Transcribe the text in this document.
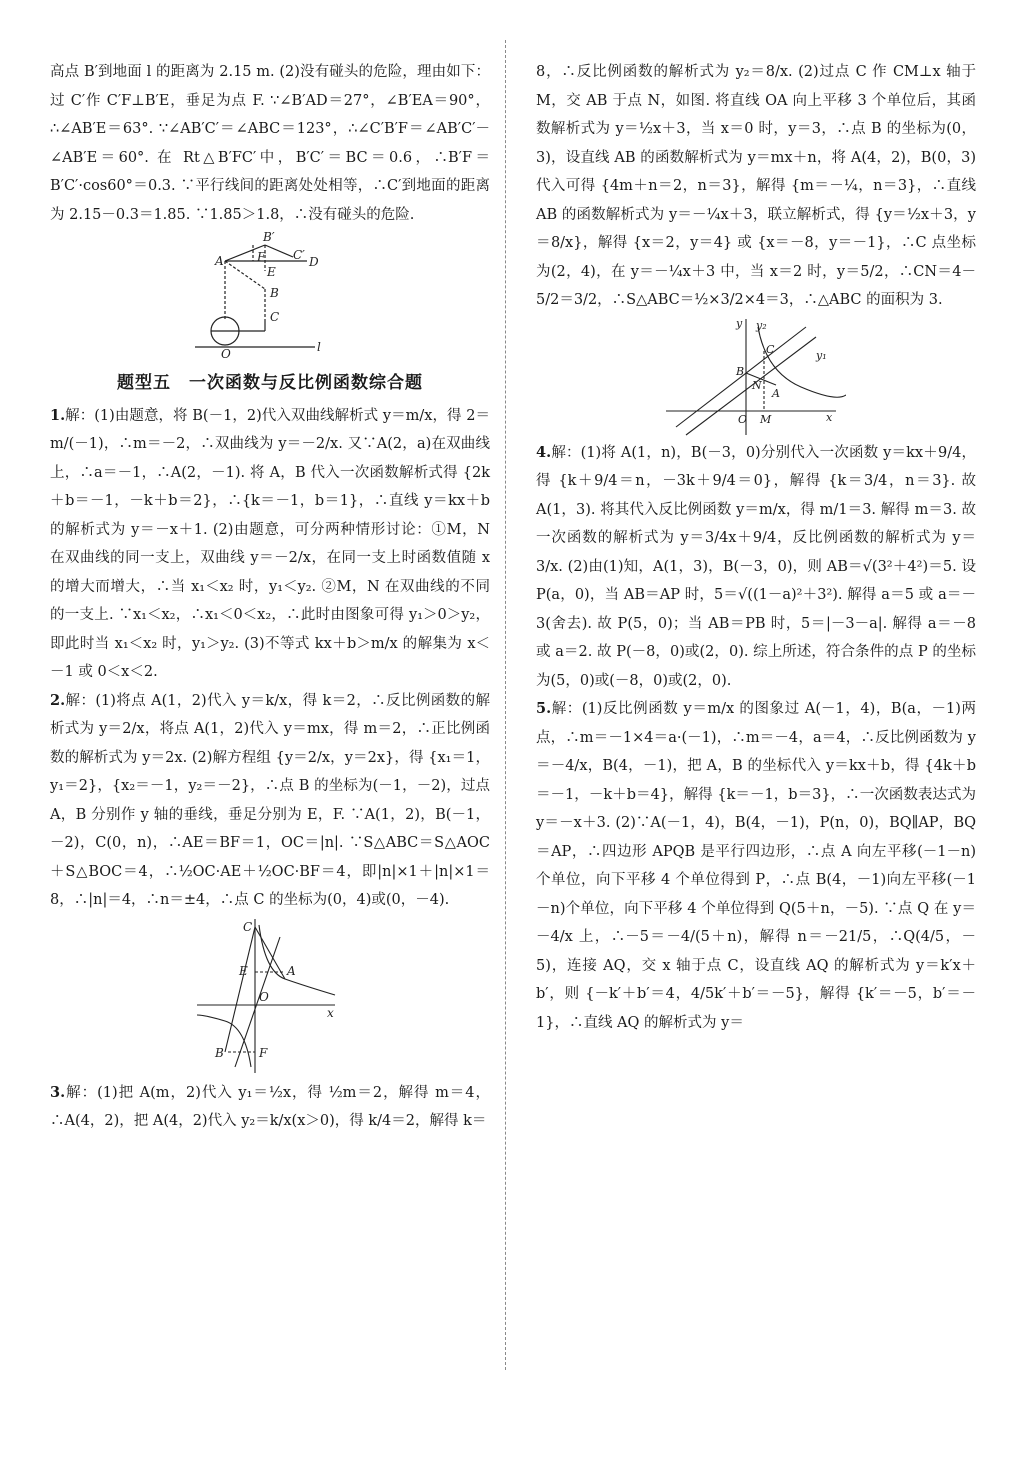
高点 B′到地面 l 的距离为 2.15 m. (2)没有碰头的危险，理由如下：过 C′作 C′F⊥B′E，垂足为点 F. ∵∠B′AD＝27°，∠B′EA＝90°，∴∠AB′E＝63°. ∵∠AB′C′＝∠ABC＝123°，∴∠C′B′F＝∠AB′C′－∠AB′E＝60°. 在 Rt△B′FC′中，B′C′＝BC＝0.6，∴B′F＝B′C′·cos60°＝0.3. ∵平行线间的距离处处相等，∴C′到地面的距离为 2.15－0.3＝1.85. ∵1.85＞1.8，∴没有碰头的危险.

A
B′
F C′ D
E
B
C
O	l
题型五　一次函数与反比例函数综合题

1.解：(1)由题意，将 B(－1，2)代入双曲线解析式 y＝m/x，得 2＝m/(－1)，∴m＝－2，∴双曲线为 y＝－2/x. 又∵A(2，a)在双曲线上，∴a＝－1，∴A(2，－1). 将 A，B 代入一次函数解析式得 {2k＋b＝－1，－k＋b＝2}，∴{k＝－1，b＝1}，∴直线 y＝kx＋b 的解析式为 y＝－x＋1. (2)由题意，可分两种情形讨论：①M，N 在双曲线的同一支上，双曲线 y＝－2/x，在同一支上时函数值随 x 的增大而增大，∴当 x₁＜x₂ 时，y₁＜y₂. ②M，N 在双曲线的不同的一支上. ∵x₁＜x₂，∴x₁＜0＜x₂，∴此时由图象可得 y₁＞0＞y₂，即此时当 x₁＜x₂ 时，y₁＞y₂. (3)不等式 kx＋b＞m/x 的解集为 x＜－1 或 0＜x＜2.

2.解：(1)将点 A(1，2)代入 y＝k/x，得 k＝2，∴反比例函数的解析式为 y＝2/x，将点 A(1，2)代入 y＝mx，得 m＝2，∴正比例函数的解析式为 y＝2x. (2)解方程组 {y＝2/x，y＝2x}，得 {x₁＝1，y₁＝2}，{x₂＝－1，y₂＝－2}，∴点 B 的坐标为(－1，－2)，过点 A，B 分别作 y 轴的垂线，垂足分别为 E，F. ∵A(1，2)，B(－1，－2)，C(0，n)，∴AE＝BF＝1，OC＝|n|. ∵S△ABC＝S△AOC＋S△BOC＝4，∴½OC·AE＋½OC·BF＝4，即|n|×1＋|n|×1＝8，∴|n|＝4，∴n＝±4，∴点 C 的坐标为(0，4)或(0，－4).

C
E	A
O
x
B	F

3.解：(1)把 A(m，2)代入 y₁＝½x，得 ½m＝2，解得 m＝4，∴A(4，2)，把 A(4，2)代入 y₂＝k/x(x＞0)，得 k/4＝2，解得 k＝

8，∴反比例函数的解析式为 y₂＝8/x. (2)过点 C 作 CM⊥x 轴于 M，交 AB 于点 N，如图. 将直线 OA 向上平移 3 个单位后，其函数解析式为 y＝½x＋3，当 x＝0 时，y＝3，∴点 B 的坐标为(0，3)，设直线 AB 的函数解析式为 y＝mx＋n，将 A(4，2)，B(0，3)代入可得 {4m＋n＝2，n＝3}，解得 {m＝－¼，n＝3}，∴直线 AB 的函数解析式为 y＝－¼x＋3，联立解析式，得 {y＝½x＋3，y＝8/x}，解得 {x＝2，y＝4} 或 {x＝－8，y＝－1}，∴C 点坐标为(2，4)，在 y＝－¼x＋3 中，当 x＝2 时，y＝5/2，∴CN＝4－5/2＝3/2，∴S△ABC＝½×3/2×4＝3，∴△ABC 的面积为 3.

y y₂
C	y₁
B
N
A
O M	x

4.解：(1)将 A(1，n)，B(－3，0)分别代入一次函数 y＝kx＋9/4，得 {k＋9/4＝n，－3k＋9/4＝0}，解得 {k＝3/4，n＝3}. 故 A(1，3). 将其代入反比例函数 y＝m/x，得 m/1＝3. 解得 m＝3. 故一次函数的解析式为 y＝3/4x＋9/4，反比例函数的解析式为 y＝3/x. (2)由(1)知，A(1，3)，B(－3，0)，则 AB＝√(3²＋4²)＝5. 设 P(a，0)，当 AB＝AP 时，5＝√((1－a)²＋3²). 解得 a＝5 或 a＝－3(舍去). 故 P(5，0)；当 AB＝PB 时，5＝|－3－a|. 解得 a＝－8 或 a＝2. 故 P(－8，0)或(2，0). 综上所述，符合条件的点 P 的坐标为(5，0)或(－8，0)或(2，0).

5.解：(1)反比例函数 y＝m/x 的图象过 A(－1，4)，B(a，－1)两点，∴m＝－1×4＝a·(－1)，∴m＝－4，a＝4，∴反比例函数为 y＝－4/x，B(4，－1)，把 A，B 的坐标代入 y＝kx＋b，得 {4k＋b＝－1，－k＋b＝4}，解得 {k＝－1，b＝3}，∴一次函数表达式为 y＝－x＋3. (2)∵A(－1，4)，B(4，－1)，P(n，0)，BQ∥AP，BQ＝AP，∴四边形 APQB 是平行四边形，∴点 A 向左平移(－1－n)个单位，向下平移 4 个单位得到 P，∴点 B(4，－1)向左平移(－1－n)个单位，向下平移 4 个单位得到 Q(5＋n，－5). ∵点 Q 在 y＝－4/x 上，∴－5＝－4/(5＋n)，解得 n＝－21/5，∴Q(4/5，－5)，连接 AQ，交 x 轴于点 C，设直线 AQ 的解析式为 y＝k′x＋b′，则 {－k′＋b′＝4，4/5k′＋b′＝－5}，解得 {k′＝－5，b′＝－1}，∴直线 AQ 的解析式为 y＝
